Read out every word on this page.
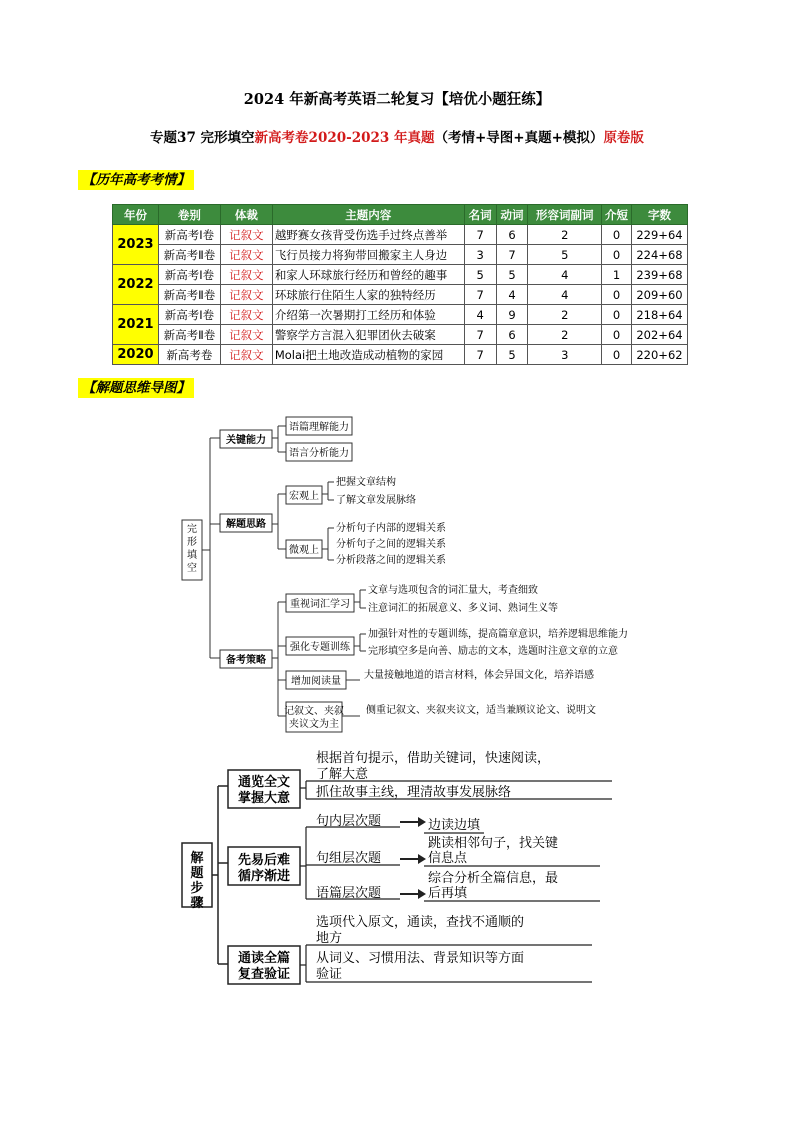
2024 年新高考英语二轮复习【培优小题狂练】
专题37 完形填空新高考卷2020-2023 年真题（考情+导图+真题+模拟）原卷版
【历年高考考情】
年份	卷别	体裁	主题内容	名词	动词	形容词副词	介短	字数
2023	新高考Ⅰ卷	记叙文	越野赛女孩背受伤选手过终点善举	7	6	2	0	229+64
	新高考Ⅱ卷	记叙文	飞行员接力将狗带回搬家主人身边	3	7	5	0	224+68
2022	新高考Ⅰ卷	记叙文	和家人环球旅行经历和曾经的趣事	5	5	4	1	239+68
	新高考Ⅱ卷	记叙文	环球旅行住陌生人家的独特经历	7	4	4	0	209+60
2021	新高考Ⅰ卷	记叙文	介绍第一次暑期打工经历和体验	4	9	2	0	218+64
	新高考Ⅱ卷	记叙文	警察学方言混入犯罪团伙去破案	7	6	2	0	202+64
2020	新高考卷	记叙文	Molai把土地改造成动植物的家园	7	5	3	0	220+62
【解题思维导图】
完
形
填
空
关键能力
语篇理解能力
语言分析能力
解题思路
宏观上
把握文章结构
了解文章发展脉络
微观上
分析句子内部的逻辑关系
分析句子之间的逻辑关系
分析段落之间的逻辑关系
备考策略
重视词汇学习
文章与选项包含的词汇量大，考查细致
注意词汇的拓展意义、多义词、熟词生义等
强化专题训练
加强针对性的专题训练，提高篇章意识，培养逻辑思维能力
完形填空多是向善、励志的文本，选题时注意文章的立意
增加阅读量
大量接触地道的语言材料，体会异国文化，培养语感
记叙文、夹叙
夹议文为主
侧重记叙文、夹叙夹议文，适当兼顾议论文、说明文
解
题
步
骤
通览全文
掌握大意
根据首句提示，借助关键词，快速阅读，
了解大意
抓住故事主线，理清故事发展脉络
先易后难
循序渐进
句内层次题	边读边填
句组层次题
跳读相邻句子，找关键
信息点
语篇层次题
综合分析全篇信息，最
后再填
通读全篇
复查验证
选项代入原文，通读，查找不通顺的
地方
从词义、习惯用法、背景知识等方面
验证
